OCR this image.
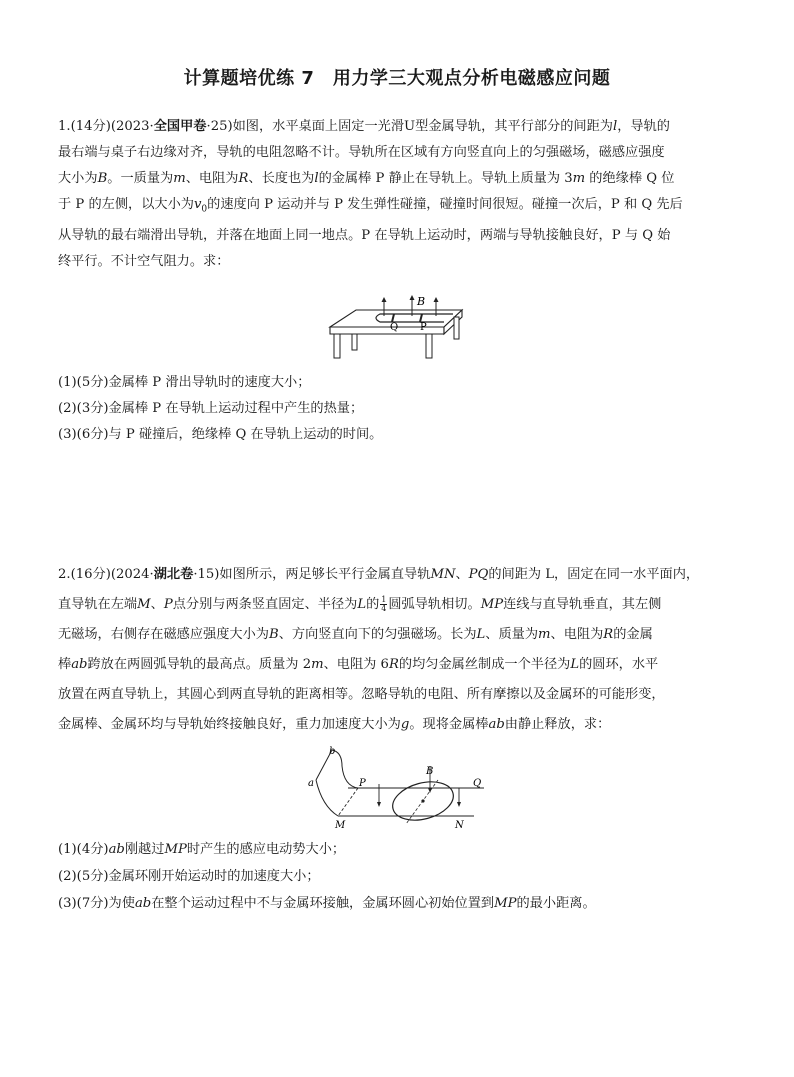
计算题培优练 7　用力学三大观点分析电磁感应问题
1.(14分)(2023·全国甲卷·25)如图，水平桌面上固定一光滑U型金属导轨，其平行部分的间距为l，导轨的
最右端与桌子右边缘对齐，导轨的电阻忽略不计。导轨所在区域有方向竖直向上的匀强磁场，磁感应强度
大小为B。一质量为m、电阻为R、长度也为l的金属棒 P 静止在导轨上。导轨上质量为 3m 的绝缘棒 Q 位
于 P 的左侧，以大小为$v_0$的速度向 P 运动并与 P 发生弹性碰撞，碰撞时间很短。碰撞一次后，P 和 Q 先后
从导轨的最右端滑出导轨，并落在地面上同一地点。P 在导轨上运动时，两端与导轨接触良好，P 与 Q 始
终平行。不计空气阻力。求：
B
Q P
(1)(5分)金属棒 P 滑出导轨时的速度大小；
(2)(3分)金属棒 P 在导轨上运动过程中产生的热量；
(3)(6分)与 P 碰撞后，绝缘棒 Q 在导轨上运动的时间。
2.(16分)(2024·湖北卷·15)如图所示，两足够长平行金属直导轨MN、PQ的间距为 L，固定在同一水平面内，
直导轨在左端M、P点分别与两条竖直固定、半径为L的 $\frac{1}{4}$ 圆弧导轨相切。MP连线与直导轨垂直，其左侧
无磁场，右侧存在磁感应强度大小为B、方向竖直向下的匀强磁场。长为L、质量为m、电阻为R的金属
棒ab跨放在两圆弧导轨的最高点。质量为 2m、电阻为 6R的均匀金属丝制成一个半径为L的圆环，水平
放置在两直导轨上，其圆心到两直导轨的距离相等。忽略导轨的电阻、所有摩擦以及金属环的可能形变，
金属棒、金属环均与导轨始终接触良好，重力加速度大小为g。现将金属棒ab由静止释放，求：
b
a	P
B
Q
M	N
(1)(4分)ab刚越过MP时产生的感应电动势大小；
(2)(5分)金属环刚开始运动时的加速度大小；
(3)(7分)为使ab在整个运动过程中不与金属环接触，金属环圆心初始位置到MP的最小距离。
